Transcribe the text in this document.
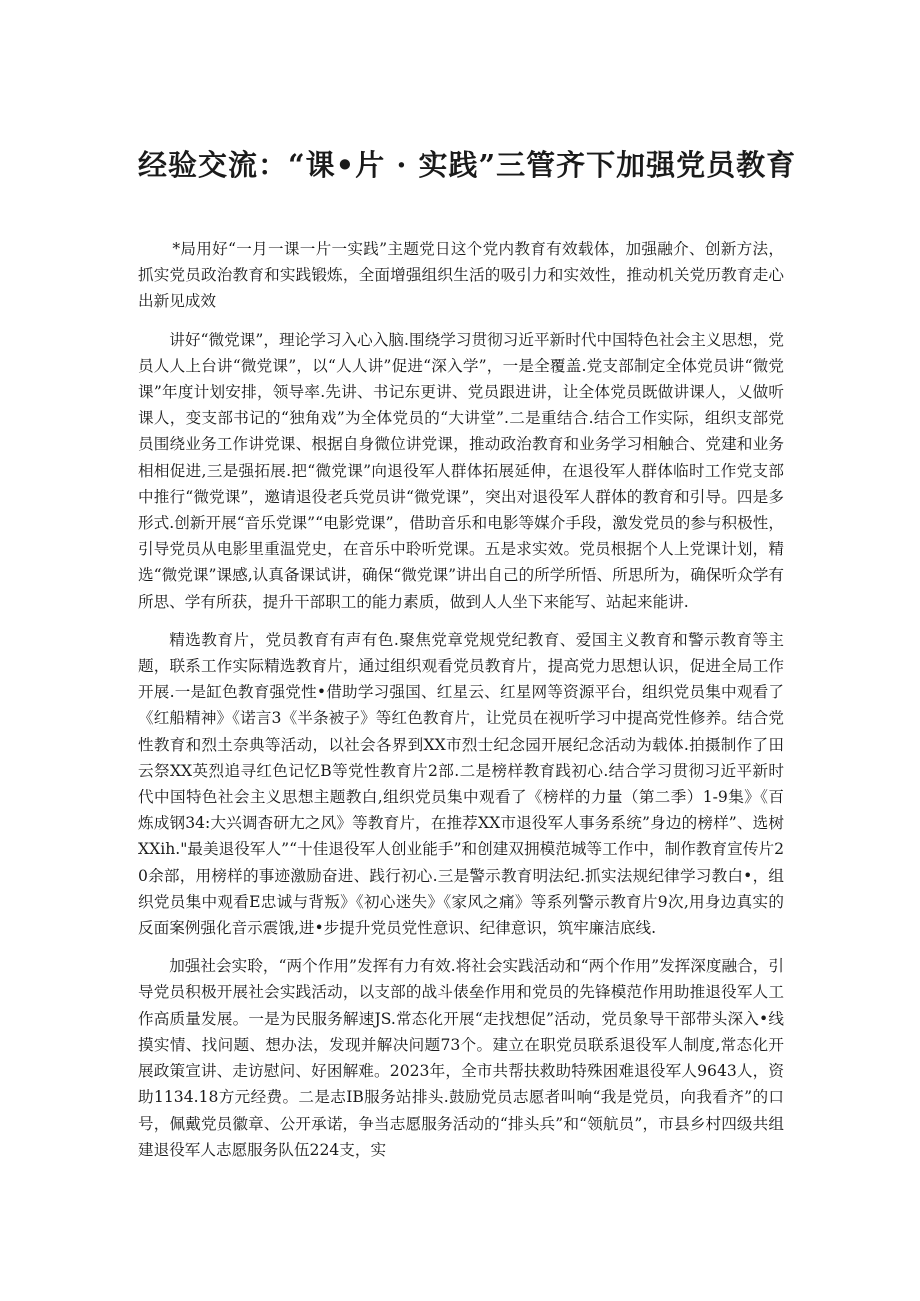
经验交流：“课•片 · 实践”三管齐下加强党员教育

*局用好“一月一课一片一实践”主题党日这个党内教育有效载体，加强融介、创新方法，抓实党员政治教育和实践锻炼，全面增强组织生活的吸引力和实效性，推动机关党历教育走心出新见成效

讲好“微党课”，理论学习入心入脑.围绕学习贯彻习近平新时代中国特色社会主义思想，党员人人上台讲“微党课”，以“人人讲”促进“深入学”，一是全覆盖.党支部制定全体党员讲“微党课”年度计划安排，领导率.先讲、书记东更讲、党员跟进讲，让全体党员既做讲课人，乂做听课人，变支部书记的“独角戏”为全体党员的“大讲堂”.二是重结合.结合工作实际，组织支部党员围绕业务工作讲党课、根据自身微位讲党课，推动政治教育和业务学习相触合、党建和业务相相促进,三是强拓展.把“微党课”向退役军人群体拓展延伸，在退役军人群体临时工作党支部中推行“微党课”，邀请退役老兵党员讲“微党课”，突出对退役军人群体的教育和引导。四是多形式.创新开展“音乐党课”“电影党课”，借助音乐和电影等媒介手段，激发党员的参与积极性，引导党员从电影里重温党史，在音乐中聆听党课。五是求实效。党员根据个人上党课计划，精选“微党课”课感,认真备课试讲，确保“微党课”讲出自己的所学所悟、所思所为，确保听众学有所思、学有所获，提升干部职工的能力素质，做到人人坐下来能写、站起来能讲.

精选教育片，党员教育有声有色.聚焦党章党规党纪教育、爱国主义教育和警示教育等主题，联系工作实际精选教育片，通过组织观看党员教育片，提高党力思想认识，促进全局工作开展.一是缸色教育强党性•借助学习强国、红星云、红星网等资源平台，组织党员集中观看了《红船精神》《诺言3《半条被子》等红色教育片，让党员在视听学习中提高党性修养。结合党性教育和烈土奈典等活动，以社会各界到XX市烈士纪念园开展纪念活动为载体.拍摄制作了田云祭XX英烈追寻红色记忆B等党性教育片2部.二是榜样教育践初心.结合学习贯彻习近平新时代中国特色社会主义思想主题教白,组织党员集中观看了《榜样的力量（第二季）1-9集》《百炼成钢34:大兴调杳研尢之风》等教育片，在推荐XX市退役军人事务系统”身边的榜样”、选树XXih."最美退役军人”“十佳退役军人创业能手”和创建双拥模范城等工作中，制作教育宣传片20余部，用榜样的事迹激励奋进、践行初心.三是警示教育明法纪.抓实法规纪律学习教白•，组织党员集中观看E忠诚与背叛》《初心迷失》《家风之痛》等系列警示教育片9次,用身边真实的反面案例强化音示震饿,进•步提升党员党性意识、纪律意识，筑牢廉洁底线.

加强社会实聆，“两个作用”发挥有力有效.将社会实践活动和“两个作用”发挥深度融合，引导党员积极开展社会实践活动，以支部的战斗俵垒作用和党员的先锋模范作用助推退役军人工作高质量发展。一是为民服务解速JS.常态化开展“走找想促”活动，党员象导干部带头深入•线摸实情、找问题、想办法，发现并解决问题73个。建立在职党员联系退役军人制度,常态化开展政策宣讲、走访慰问、好困解难。2023年，全市共帮扶救助特殊困难退役军人9643人，资助1134.18方元经费。二是志IB服务站排头.鼓励党员志愿者叫响“我是党员，向我看齐”的口号，佩戴党员徽章、公开承诺，争当志愿服务活动的“排头兵”和“领航员”，市县乡村四级共组建退役军人志愿服务队伍224支，实
